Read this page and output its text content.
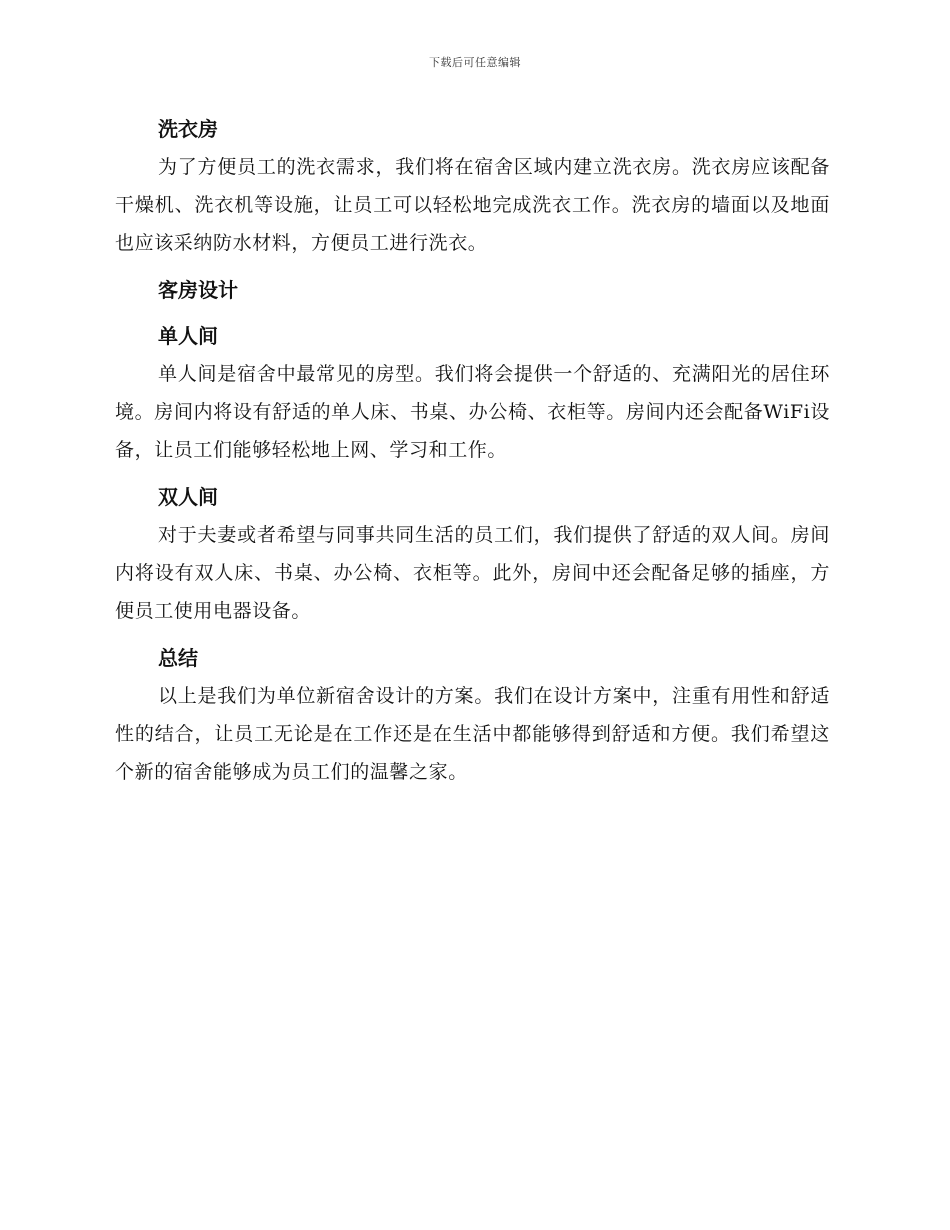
下载后可任意编辑
洗衣房

为了方便员工的洗衣需求，我们将在宿舍区域内建立洗衣房。洗衣房应该配备干燥机、洗衣机等设施，让员工可以轻松地完成洗衣工作。洗衣房的墙面以及地面也应该采纳防水材料，方便员工进行洗衣。

客房设计
单人间

单人间是宿舍中最常见的房型。我们将会提供一个舒适的、充满阳光的居住环境。房间内将设有舒适的单人床、书桌、办公椅、衣柜等。房间内还会配备WiFi设备，让员工们能够轻松地上网、学习和工作。

双人间

对于夫妻或者希望与同事共同生活的员工们，我们提供了舒适的双人间。房间内将设有双人床、书桌、办公椅、衣柜等。此外，房间中还会配备足够的插座，方便员工使用电器设备。

总结

以上是我们为单位新宿舍设计的方案。我们在设计方案中，注重有用性和舒适性的结合，让员工无论是在工作还是在生活中都能够得到舒适和方便。我们希望这个新的宿舍能够成为员工们的温馨之家。
